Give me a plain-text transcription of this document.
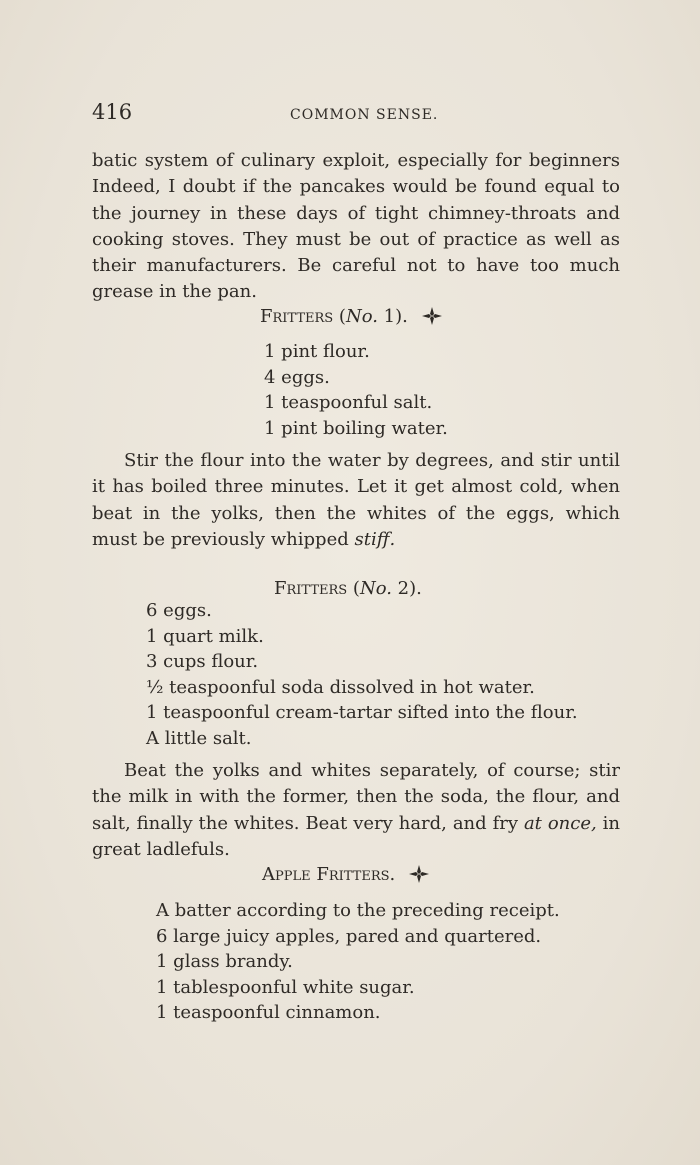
416	COMMON SENSE.
batic system of culinary exploit, especially for beginners Indeed, I doubt if the pancakes would be found equal to the journey in these days of tight chimney-throats and cooking stoves. They must be out of practice as well as their manufacturers. Be careful not to have too much grease in the pan.
Fritters (No. 1).
1 pint flour.
4 eggs.
1 teaspoonful salt.
1 pint boiling water.
Stir the flour into the water by degrees, and stir until it has boiled three minutes. Let it get almost cold, when beat in the yolks, then the whites of the eggs, which must be previously whipped stiff.
Fritters (No. 2).
6 eggs.
1 quart milk.
3 cups flour.
½ teaspoonful soda dissolved in hot water.
1 teaspoonful cream-tartar sifted into the flour.
A little salt.
Beat the yolks and whites separately, of course; stir the milk in with the former, then the soda, the flour, and salt, finally the whites. Beat very hard, and fry at once, in great ladlefuls.
Apple Fritters.
A batter according to the preceding receipt.
6 large juicy apples, pared and quartered.
1 glass brandy.
1 tablespoonful white sugar.
1 teaspoonful cinnamon.
